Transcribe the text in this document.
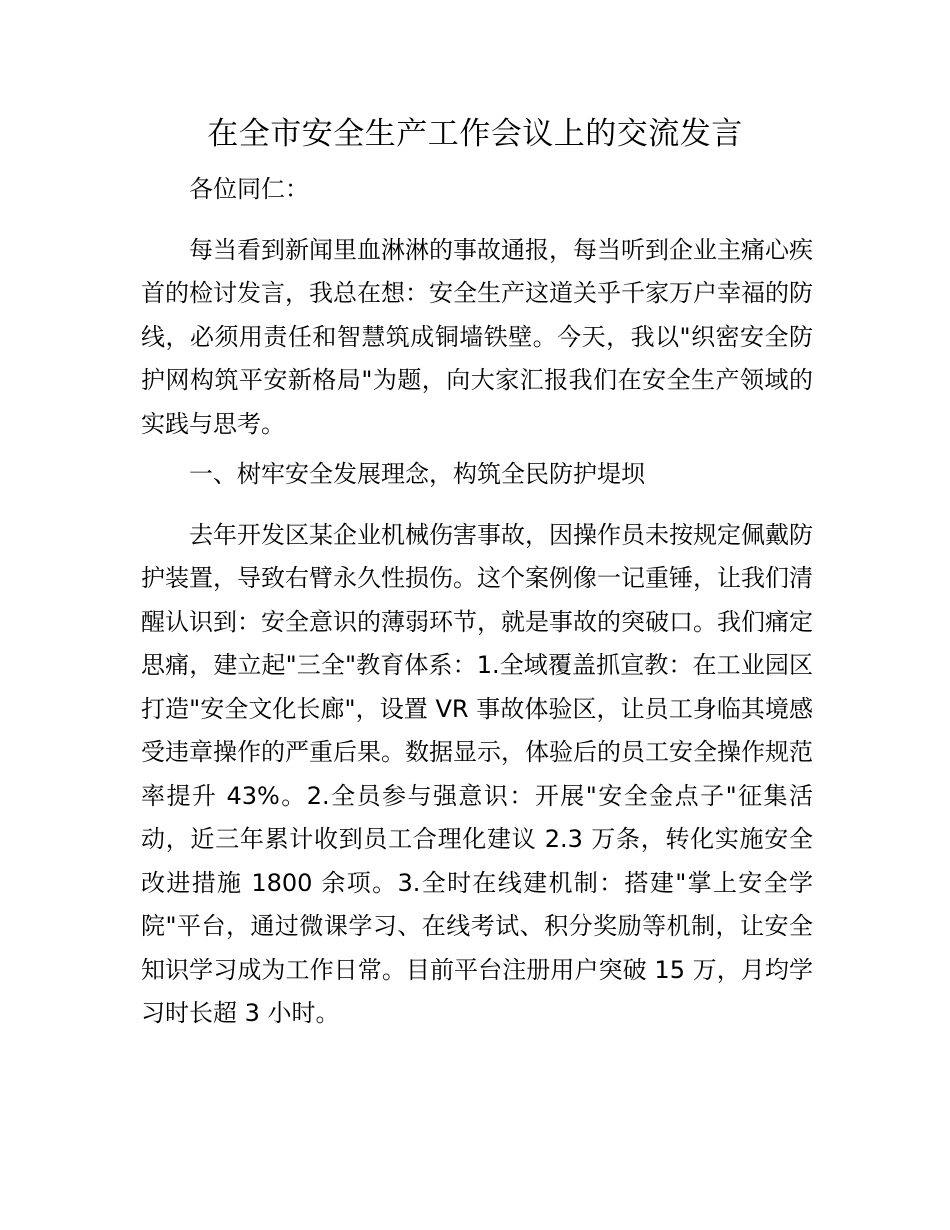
在全市安全生产工作会议上的交流发言

各位同仁：

每当看到新闻里血淋淋的事故通报，每当听到企业主痛心疾首的检讨发言，我总在想：安全生产这道关乎千家万户幸福的防线，必须用责任和智慧筑成铜墙铁壁。今天，我以"织密安全防护网构筑平安新格局"为题，向大家汇报我们在安全生产领域的实践与思考。

一、树牢安全发展理念，构筑全民防护堤坝

去年开发区某企业机械伤害事故，因操作员未按规定佩戴防护装置，导致右臂永久性损伤。这个案例像一记重锤，让我们清醒认识到：安全意识的薄弱环节，就是事故的突破口。我们痛定思痛，建立起"三全"教育体系：1.全域覆盖抓宣教：在工业园区打造"安全文化长廊"，设置 VR 事故体验区，让员工身临其境感受违章操作的严重后果。数据显示，体验后的员工安全操作规范率提升 43%。2.全员参与强意识：开展"安全金点子"征集活动，近三年累计收到员工合理化建议 2.3 万条，转化实施安全改进措施 1800 余项。3.全时在线建机制：搭建"掌上安全学院"平台，通过微课学习、在线考试、积分奖励等机制，让安全知识学习成为工作日常。目前平台注册用户突破 15 万，月均学习时长超 3 小时。
